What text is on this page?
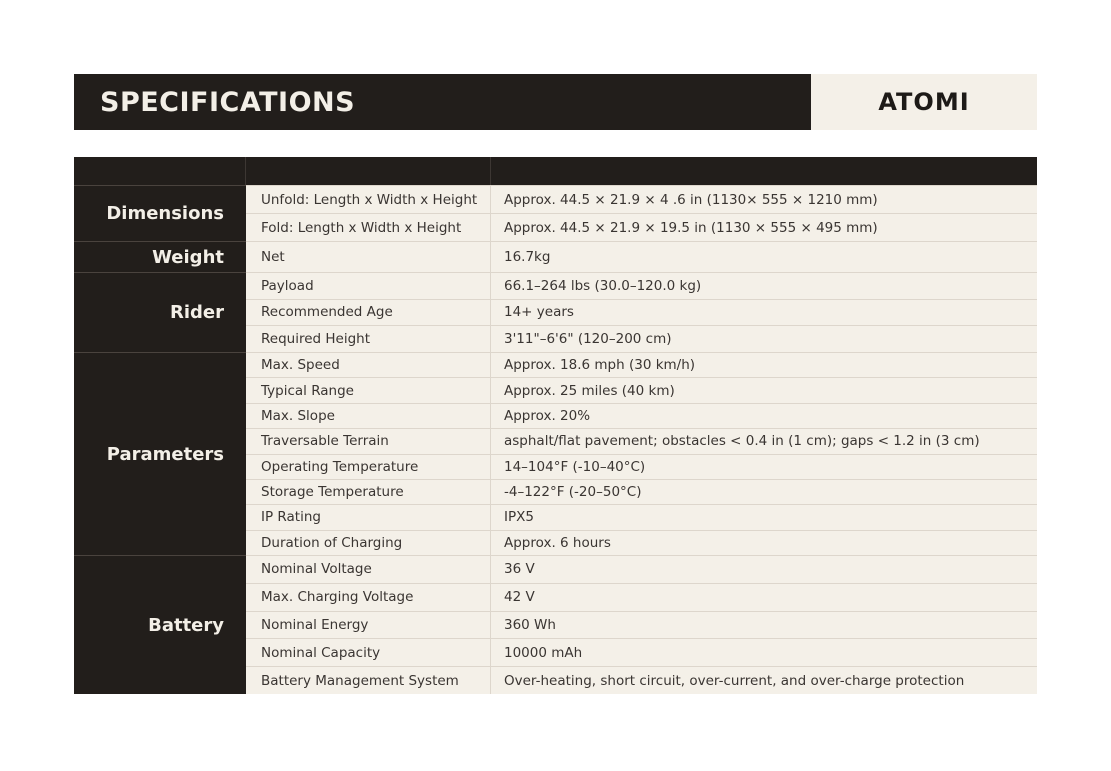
SPECIFICATIONS	ATOMI
Dimensions
Unfold: Length x Width x Height	Approx. 44.5 × 21.9 × 4 .6 in (1130× 555 × 1210 mm)
Fold: Length x Width x Height	Approx. 44.5 × 21.9 × 19.5 in (1130 × 555 × 495 mm)
Weight	Net	16.7kg
Rider
Payload	66.1–264 lbs (30.0–120.0 kg)
Recommended Age	14+ years
Required Height	3'11"–6'6" (120–200 cm)
Parameters
Max. Speed	Approx. 18.6 mph (30 km/h)
Typical Range	Approx. 25 miles (40 km)
Max. Slope	Approx. 20%
Traversable Terrain	asphalt/flat pavement; obstacles < 0.4 in (1 cm); gaps < 1.2 in (3 cm)
Operating Temperature	14–104°F (-10–40°C)
Storage Temperature	-4–122°F (-20–50°C)
IP Rating	IPX5
Duration of Charging	Approx. 6 hours
Battery
Nominal Voltage	36 V
Max. Charging Voltage	42 V
Nominal Energy	360 Wh
Nominal Capacity	10000 mAh
Battery Management System	Over-heating, short circuit, over-current, and over-charge protection
